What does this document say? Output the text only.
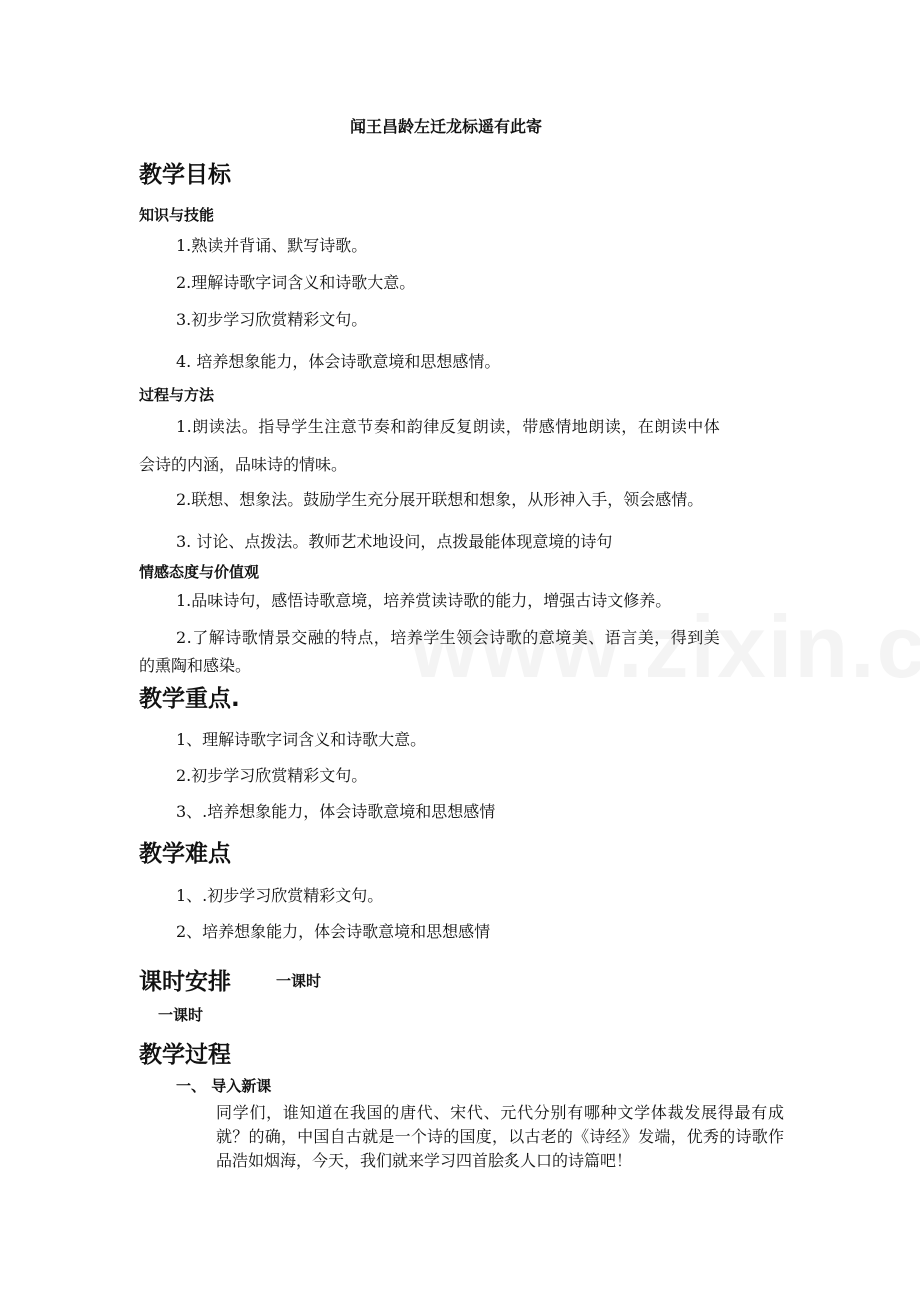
闻王昌龄左迁龙标遥有此寄
教学目标
知识与技能
1.熟读并背诵、默写诗歌。
2.理解诗歌字词含义和诗歌大意。
3.初步学习欣赏精彩文句。
4. 培养想象能力，体会诗歌意境和思想感情。
过程与方法
1.朗读法。指导学生注意节奏和韵律反复朗读，带感情地朗读，在朗读中体
会诗的内涵，品味诗的情味。
2.联想、想象法。鼓励学生充分展开联想和想象，从形神入手，领会感情。
3. 讨论、点拨法。教师艺术地设问，点拨最能体现意境的诗句
情感态度与价值观
1.品味诗句，感悟诗歌意境，培养赏读诗歌的能力，增强古诗文修养。
2.了解诗歌情景交融的特点，培养学生领会诗歌的意境美、语言美，得到美
的熏陶和感染。
教学重点.
1、理解诗歌字词含义和诗歌大意。
2.初步学习欣赏精彩文句。
3、.培养想象能力，体会诗歌意境和思想感情
教学难点
1、.初步学习欣赏精彩文句。
2、培养想象能力，体会诗歌意境和思想感情
课时安排	一课时
一课时
教学过程
一、 导入新课
同学们，谁知道在我国的唐代、宋代、元代分别有哪种文学体裁发展得最有成就？的确，中国自古就是一个诗的国度，以古老的《诗经》发端，优秀的诗歌作品浩如烟海，今天，我们就来学习四首脍炙人口的诗篇吧！
